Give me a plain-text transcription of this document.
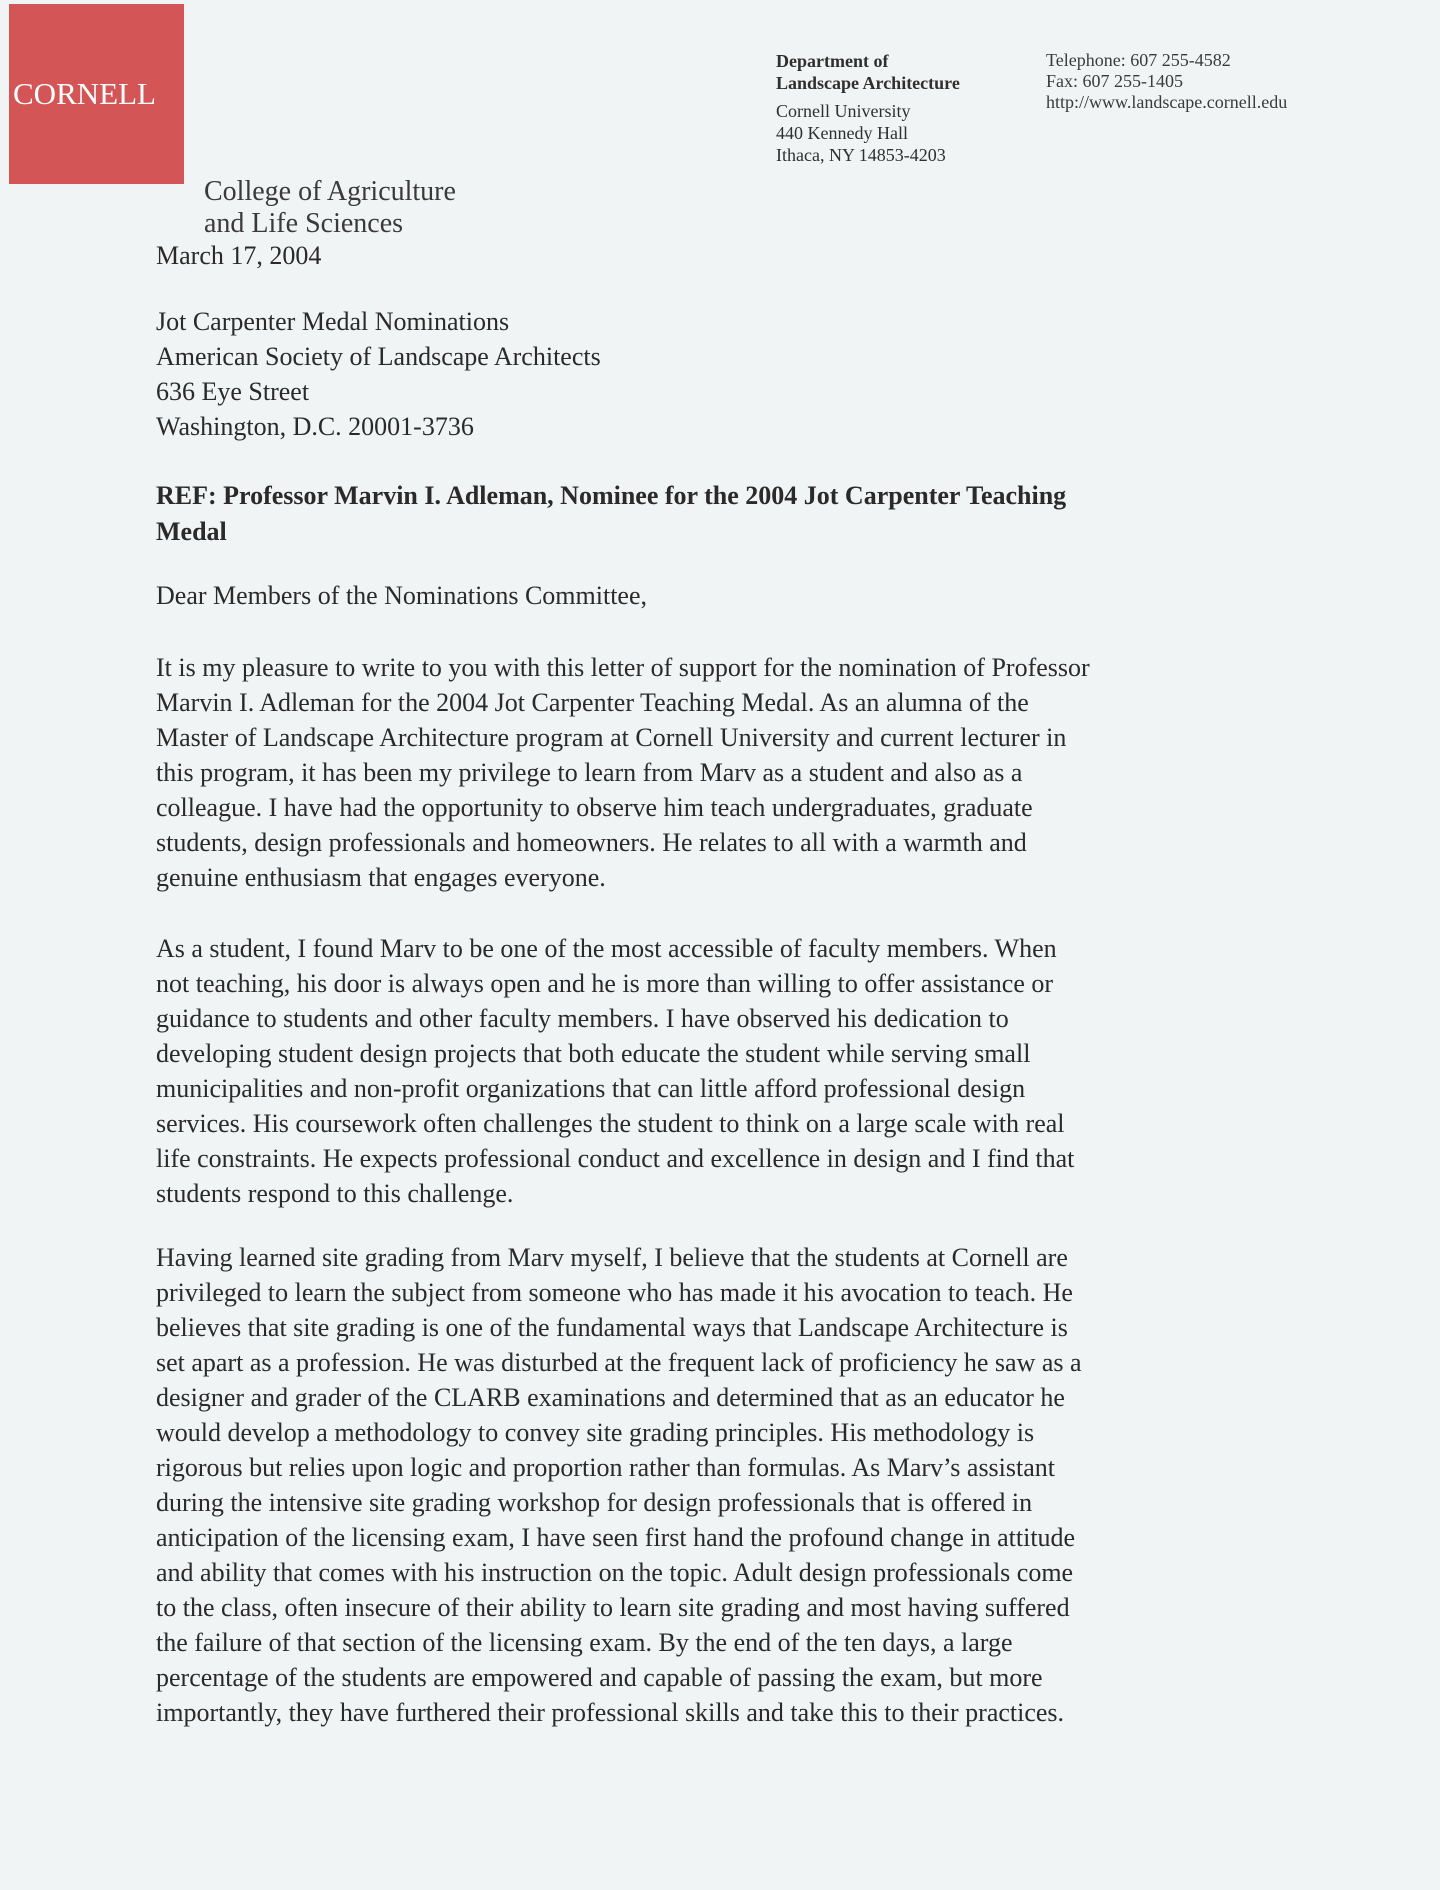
CORNELL
College of Agriculture
and Life Sciences
Department of
Landscape Architecture
Cornell University
440 Kennedy Hall
Ithaca, NY 14853-4203
Telephone: 607 255-4582
Fax: 607 255-1405
http://www.landscape.cornell.edu
March 17, 2004
Jot Carpenter Medal Nominations
American Society of Landscape Architects
636 Eye Street
Washington, D.C. 20001-3736
REF: Professor Marvin I. Adleman, Nominee for the 2004 Jot Carpenter Teaching
Medal
Dear Members of the Nominations Committee,
It is my pleasure to write to you with this letter of support for the nomination of Professor
Marvin I. Adleman for the 2004 Jot Carpenter Teaching Medal. As an alumna of the
Master of Landscape Architecture program at Cornell University and current lecturer in
this program, it has been my privilege to learn from Marv as a student and also as a
colleague. I have had the opportunity to observe him teach undergraduates, graduate
students, design professionals and homeowners. He relates to all with a warmth and
genuine enthusiasm that engages everyone.
As a student, I found Marv to be one of the most accessible of faculty members. When
not teaching, his door is always open and he is more than willing to offer assistance or
guidance to students and other faculty members. I have observed his dedication to
developing student design projects that both educate the student while serving small
municipalities and non-profit organizations that can little afford professional design
services. His coursework often challenges the student to think on a large scale with real
life constraints. He expects professional conduct and excellence in design and I find that
students respond to this challenge.
Having learned site grading from Marv myself, I believe that the students at Cornell are
privileged to learn the subject from someone who has made it his avocation to teach. He
believes that site grading is one of the fundamental ways that Landscape Architecture is
set apart as a profession. He was disturbed at the frequent lack of proficiency he saw as a
designer and grader of the CLARB examinations and determined that as an educator he
would develop a methodology to convey site grading principles. His methodology is
rigorous but relies upon logic and proportion rather than formulas. As Marv’s assistant
during the intensive site grading workshop for design professionals that is offered in
anticipation of the licensing exam, I have seen first hand the profound change in attitude
and ability that comes with his instruction on the topic. Adult design professionals come
to the class, often insecure of their ability to learn site grading and most having suffered
the failure of that section of the licensing exam. By the end of the ten days, a large
percentage of the students are empowered and capable of passing the exam, but more
importantly, they have furthered their professional skills and take this to their practices.
